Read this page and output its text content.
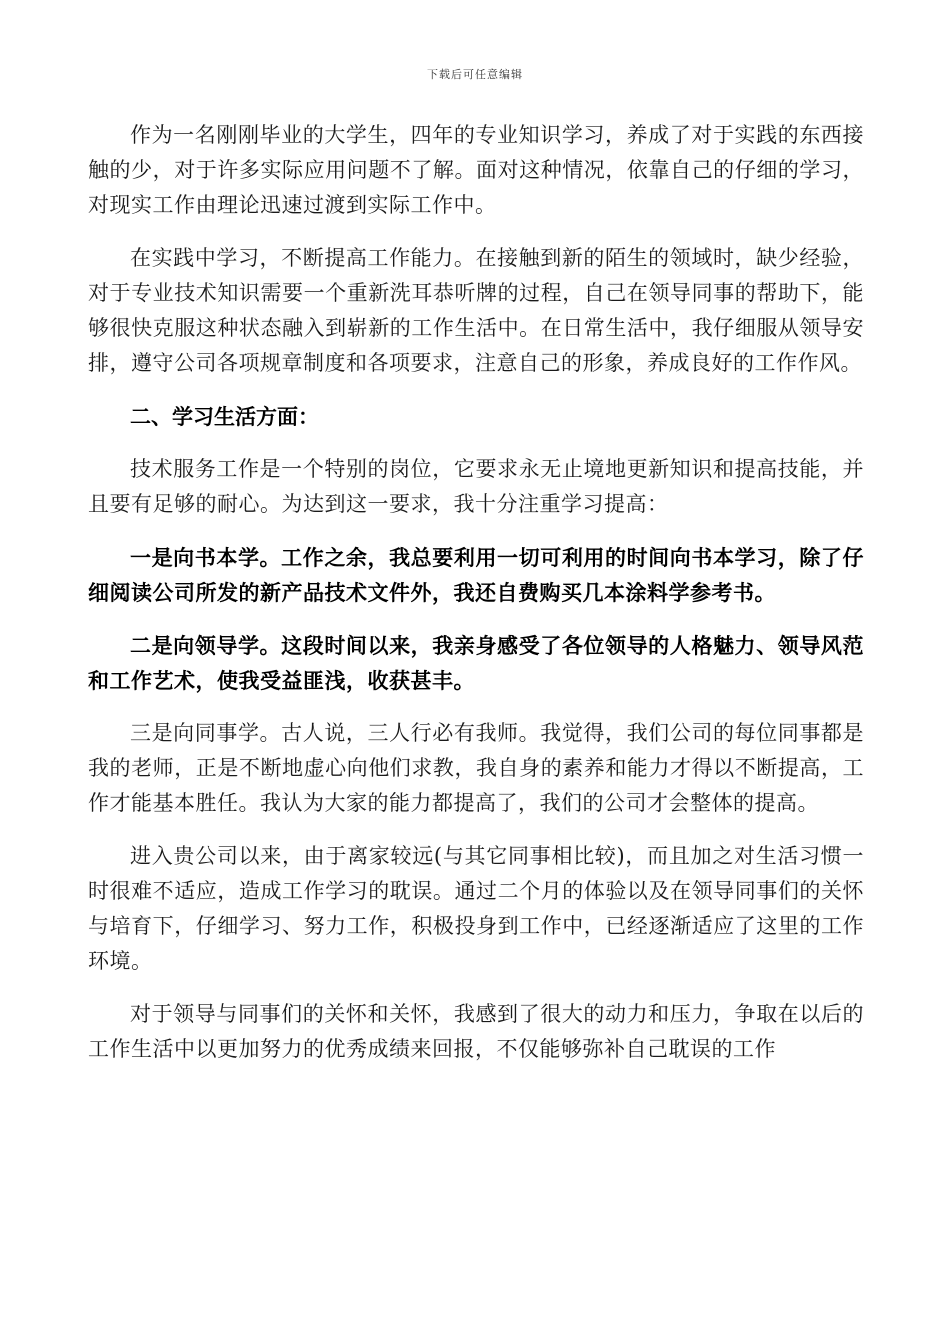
下载后可任意编辑

作为一名刚刚毕业的大学生，四年的专业知识学习，养成了对于实践的东西接触的少，对于许多实际应用问题不了解。面对这种情况，依靠自己的仔细的学习，对现实工作由理论迅速过渡到实际工作中。

在实践中学习，不断提高工作能力。在接触到新的陌生的领域时，缺少经验，对于专业技术知识需要一个重新洗耳恭听牌的过程，自己在领导同事的帮助下，能够很快克服这种状态融入到崭新的工作生活中。在日常生活中，我仔细服从领导安排，遵守公司各项规章制度和各项要求，注意自己的形象，养成良好的工作作风。

二、学习生活方面：

技术服务工作是一个特别的岗位，它要求永无止境地更新知识和提高技能，并且要有足够的耐心。为达到这一要求，我十分注重学习提高：

一是向书本学。工作之余，我总要利用一切可利用的时间向书本学习，除了仔细阅读公司所发的新产品技术文件外，我还自费购买几本涂料学参考书。

二是向领导学。这段时间以来，我亲身感受了各位领导的人格魅力、领导风范和工作艺术，使我受益匪浅，收获甚丰。

三是向同事学。古人说，三人行必有我师。我觉得，我们公司的每位同事都是我的老师，正是不断地虚心向他们求教，我自身的素养和能力才得以不断提高，工作才能基本胜任。我认为大家的能力都提高了，我们的公司才会整体的提高。

进入贵公司以来，由于离家较远(与其它同事相比较)，而且加之对生活习惯一时很难不适应，造成工作学习的耽误。通过二个月的体验以及在领导同事们的关怀与培育下，仔细学习、努力工作，积极投身到工作中，已经逐渐适应了这里的工作环境。

对于领导与同事们的关怀和关怀，我感到了很大的动力和压力，争取在以后的工作生活中以更加努力的优秀成绩来回报，不仅能够弥补自己耽误的工作
